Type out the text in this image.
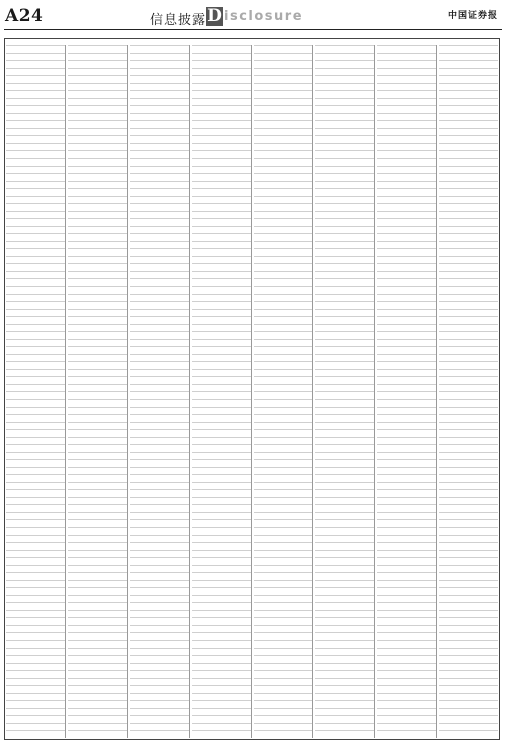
A24	信息披露 D isclosure	中国证券报
